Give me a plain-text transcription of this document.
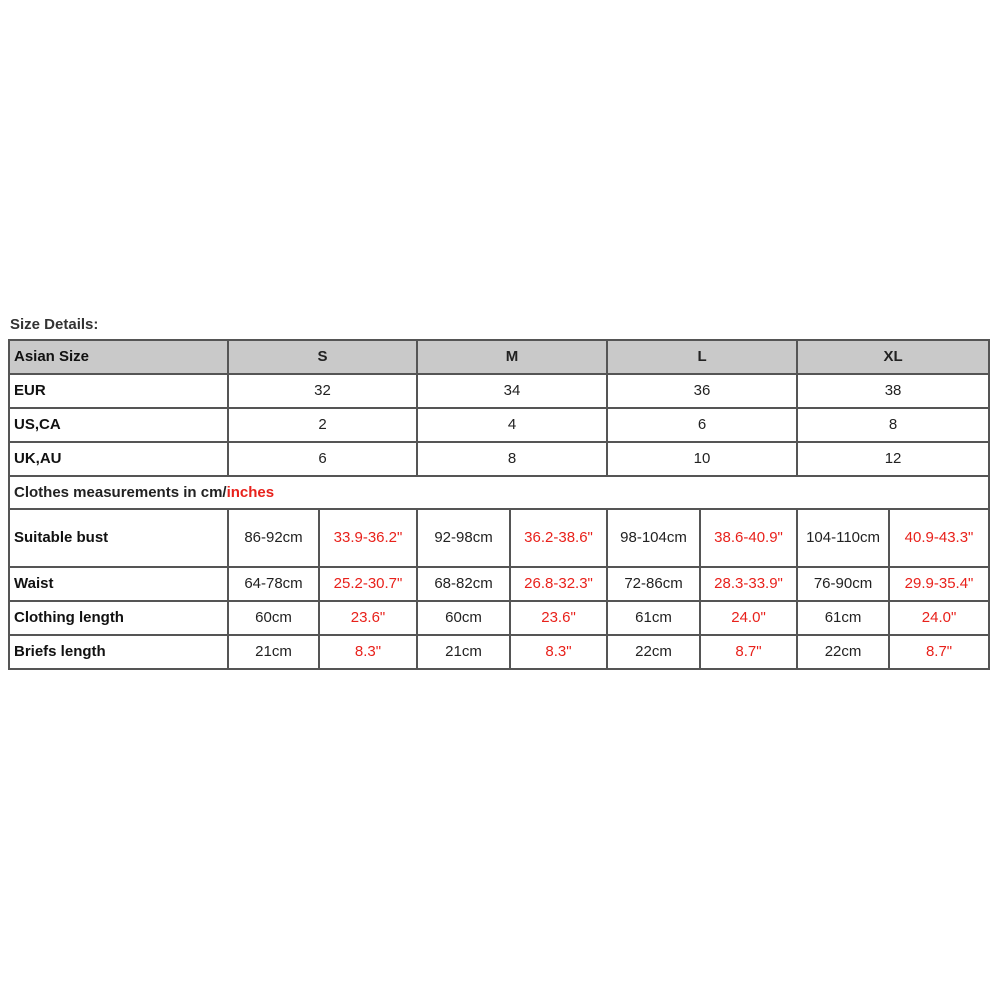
Size Details:
Asian Size	S		M		L		XL	
EUR	32		34		36		38	
US,CA	2		4		6		8	
UK,AU	6		8		10		12	
Clothes measurements in cm/inches								
Suitable bust	86-92cm	33.9-36.2"	92-98cm	36.2-38.6"	98-104cm	38.6-40.9"	104-110cm	40.9-43.3"
Waist	64-78cm	25.2-30.7"	68-82cm	26.8-32.3"	72-86cm	28.3-33.9"	76-90cm	29.9-35.4"
Clothing length	60cm	23.6"	60cm	23.6"	61cm	24.0"	61cm	24.0"
Briefs length	21cm	8.3"	21cm	8.3"	22cm	8.7"	22cm	8.7"
